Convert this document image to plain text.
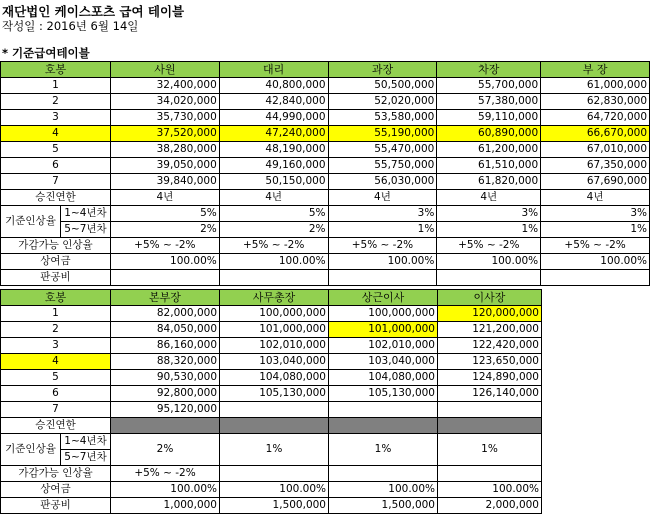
재단법인 케이스포츠 급여 테이블
작성일 : 2016년 6월 14일
* 기준급여테이블
호봉		사원	대리	과장	차장	부 장
1		32,400,000	40,800,000	50,500,000	55,700,000	61,000,000
2		34,020,000	42,840,000	52,020,000	57,380,000	62,830,000
3		35,730,000	44,990,000	53,580,000	59,110,000	64,720,000
4		37,520,000	47,240,000	55,190,000	60,890,000	66,670,000
5		38,280,000	48,190,000	55,470,000	61,200,000	67,010,000
6		39,050,000	49,160,000	55,750,000	61,510,000	67,350,000
7		39,840,000	50,150,000	56,030,000	61,820,000	67,690,000
승진연한		4년	4년	4년	4년	4년
기준인상율	1~4년차	5%	5%	3%	3%	3%
	5~7년차	2%	2%	1%	1%	1%
가감가능 인상율		+5% ~ -2%	+5% ~ -2%	+5% ~ -2%	+5% ~ -2%	+5% ~ -2%
상여금		100.00%	100.00%	100.00%	100.00%	100.00%
판공비						
호봉		본부장	사무총장	상근이사	이사장
1		82,000,000	100,000,000	100,000,000	120,000,000
2		84,050,000	101,000,000	101,000,000	121,200,000
3		86,160,000	102,010,000	102,010,000	122,420,000
4		88,320,000	103,040,000	103,040,000	123,650,000
5		90,530,000	104,080,000	104,080,000	124,890,000
6		92,800,000	105,130,000	105,130,000	126,140,000
7		95,120,000			
승진연한					
기준인상율	1~4년차	2%	1%	1%	1%
	5~7년차				
가감가능 인상율		+5% ~ -2%			
상여금		100.00%	100.00%	100.00%	100.00%
판공비		1,000,000	1,500,000	1,500,000	2,000,000
